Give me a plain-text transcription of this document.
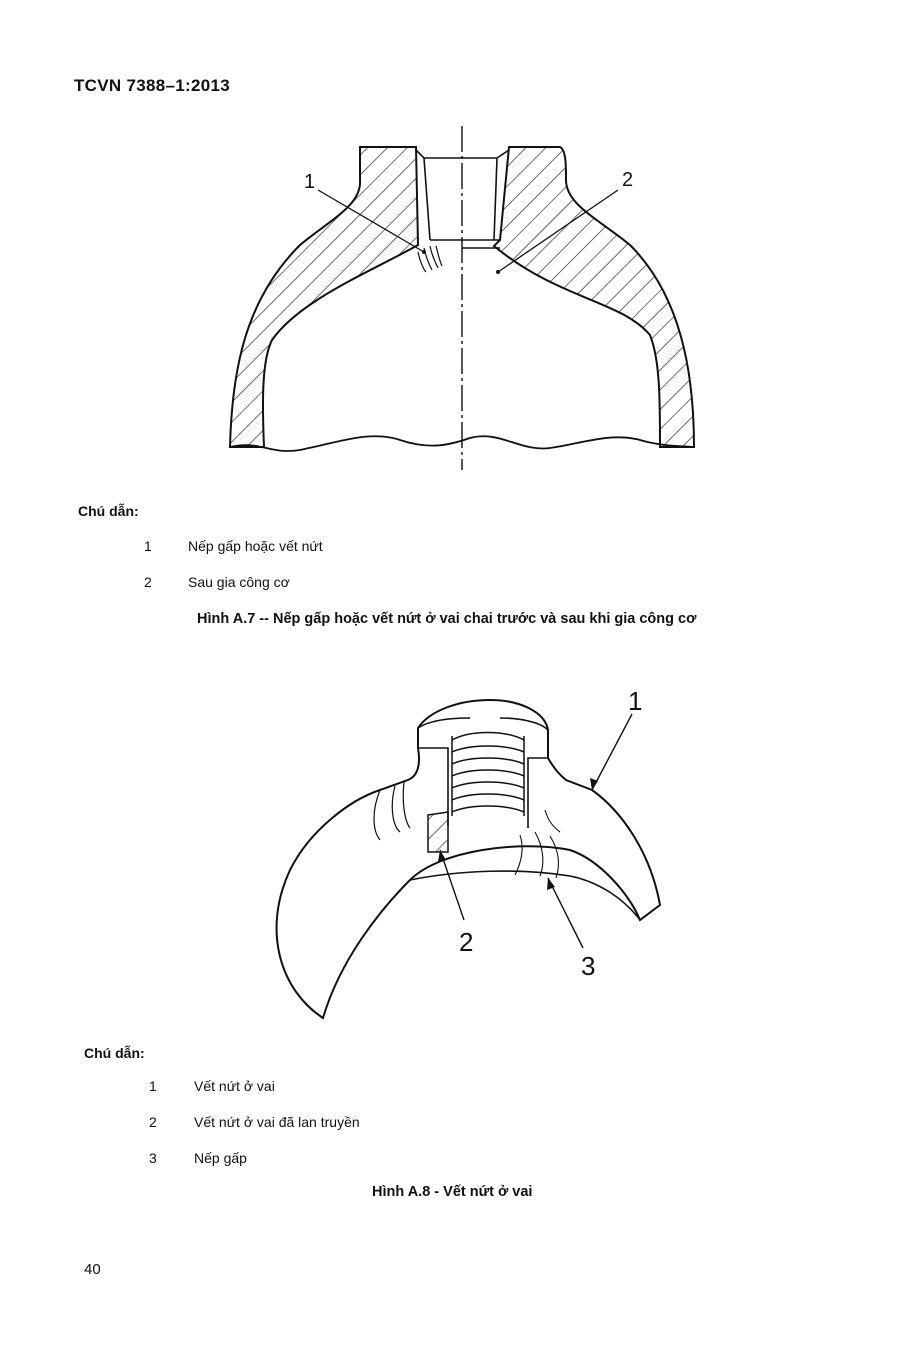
TCVN 7388–1:2013
1	2
1
2
3
Chú dẫn:
1	Nếp gấp hoặc vết nứt
2	Sau gia công cơ
Hình A.7 -- Nếp gấp hoặc vết nứt ở vai chai trước và sau khi gia công cơ
Chú dẫn:
1	Vết nứt ở vai
2	Vết nứt ở vai đã lan truyền
3	Nếp gấp
Hình A.8 - Vết nứt ở vai
40
